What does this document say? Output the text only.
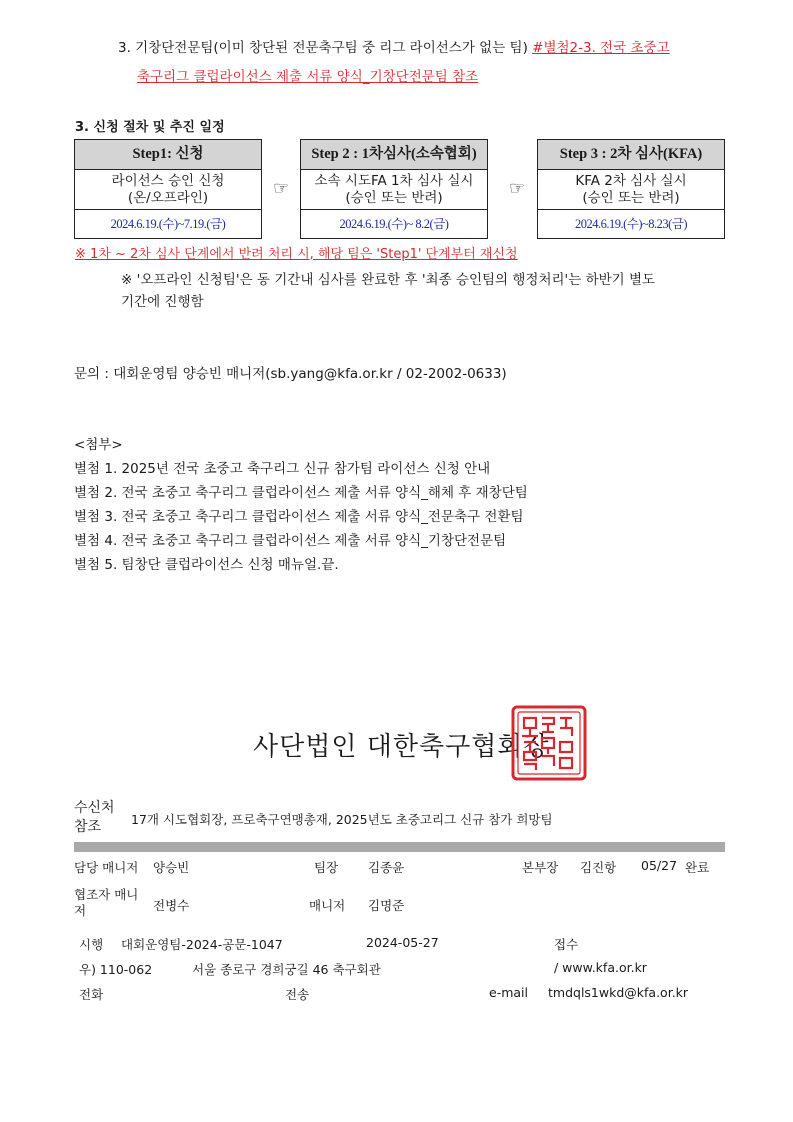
3. 기창단전문팀(이미 창단된 전문축구팀 중 리그 라이선스가 없는 팀) #별첨2-3. 전국 초중고
축구리그 클럽라이선스 제출 서류 양식_기창단전문팀 참조
3. 신청 절차 및 추진 일정
Step1: 신청
라이선스 승인 신청
(온/오프라인)
2024.6.19.(수)~7.19.(금)
☞
Step 2 : 1차심사(소속협회)
소속 시도FA 1차 심사 실시
(승인 또는 반려)
2024.6.19.(수)~ 8.2(금)
☞
Step 3 : 2차 심사(KFA)
KFA 2차 심사 실시
(승인 또는 반려)
2024.6.19.(수)~8.23(금)
※ 1차 ~ 2차 심사 단계에서 반려 처리 시, 해당 팀은 'Step1' 단계부터 재신청
※ '오프라인 신청팀'은 동 기간내 심사를 완료한 후 '최종 승인팀의 행정처리'는 하반기 별도
기간에 진행함
문의 : 대회운영팀 양승빈 매니저(sb.yang@kfa.or.kr / 02-2002-0633)
<첨부>
별첨 1. 2025년 전국 초중고 축구리그 신규 참가팀 라이선스 신청 안내
별첨 2. 전국 초중고 축구리그 클럽라이선스 제출 서류 양식_해체 후 재창단팀
별첨 3. 전국 초중고 축구리그 클럽라이선스 제출 서류 양식_전문축구 전환팀
별첨 4. 전국 초중고 축구리그 클럽라이선스 제출 서류 양식_기창단전문팀
별첨 5. 팀창단 클럽라이선스 신청 매뉴얼.끝.
사단법인 대한축구협회장
수신처
참조	17개 시도협회장, 프로축구연맹총재, 2025년도 초중고리그 신규 참가 희망팀
담당 매니저 양승빈	팀장 김종윤	본부장 김진항 05/27 완료
협조자 매니
저	전병수	매니저 김명준
시행 대회운영팀-2024-공문-1047	2024-05-27	접수
우) 110-062	서울 종로구 경희궁길 46 축구회관	/ www.kfa.or.kr
전화	전송	e-mail tmdqls1wkd@kfa.or.kr
